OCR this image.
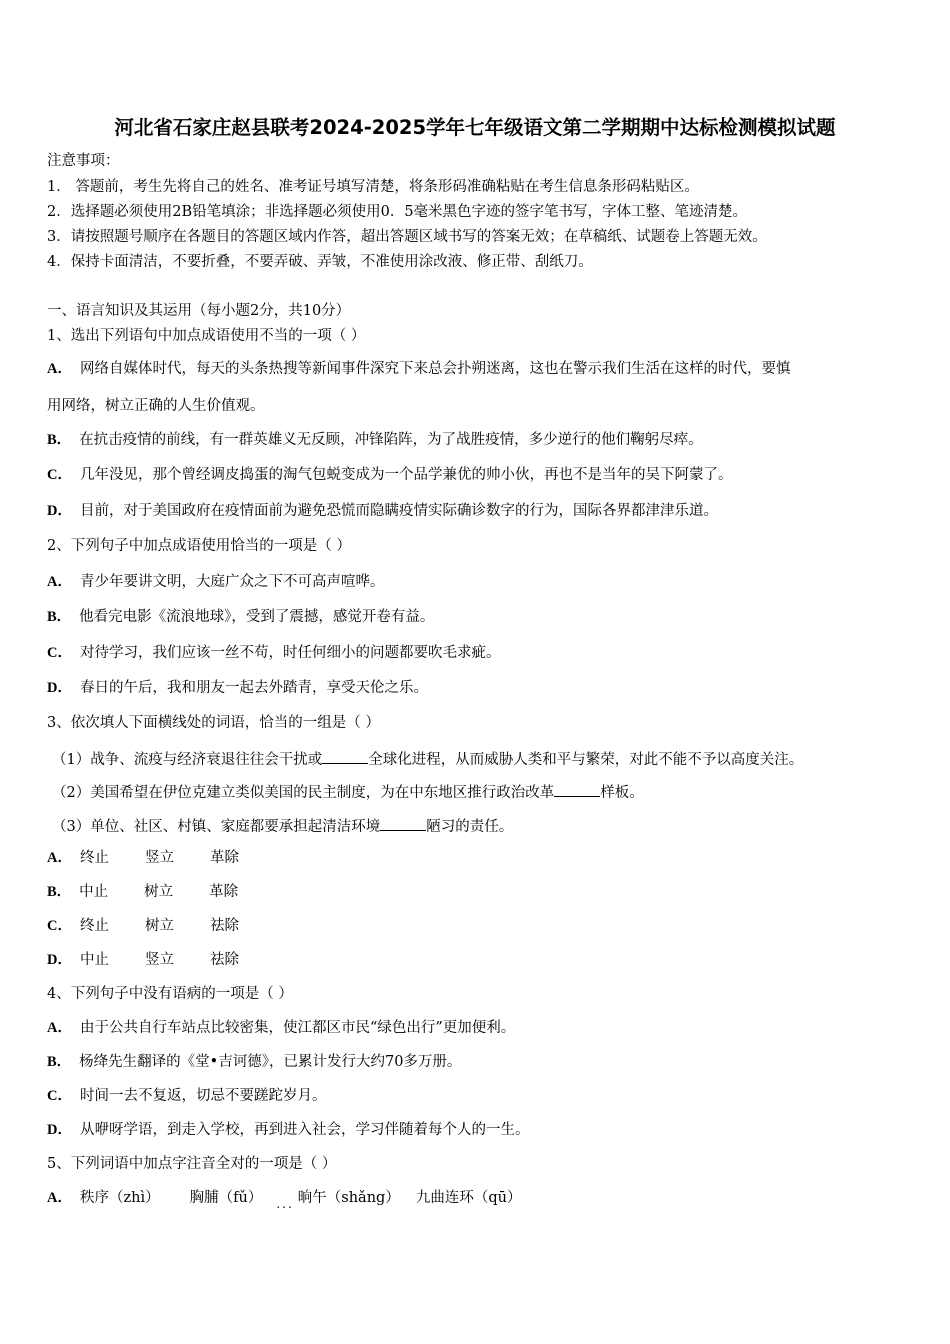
河北省石家庄赵县联考2024-2025学年七年级语文第二学期期中达标检测模拟试题
注意事项：
1． 答题前，考生先将自己的姓名、准考证号填写清楚，将条形码准确粘贴在考生信息条形码粘贴区。
2．选择题必须使用2B铅笔填涂；非选择题必须使用0．5毫米黑色字迹的签字笔书写，字体工整、笔迹清楚。
3．请按照题号顺序在各题目的答题区域内作答，超出答题区域书写的答案无效；在草稿纸、试题卷上答题无效。
4．保持卡面清洁，不要折叠，不要弄破、弄皱，不准使用涂改液、修正带、刮纸刀。
一、语言知识及其运用（每小题2分，共10分）
1、选出下列语句中加点成语使用不当的一项（ ）
A． 网络自媒体时代，每天的头条热搜等新闻事件深究下来总会扑朔迷离，这也在警示我们生活在这样的时代，要慎
用网络，树立正确的人生价值观。
B． 在抗击疫情的前线，有一群英雄义无反顾，冲锋陷阵，为了战胜疫情，多少逆行的他们鞠躬尽瘁。
C． 几年没见，那个曾经调皮捣蛋的淘气包蜕变成为一个品学兼优的帅小伙，再也不是当年的吴下阿蒙了。
D． 目前，对于美国政府在疫情面前为避免恐慌而隐瞒疫情实际确诊数字的行为，国际各界都津津乐道。
2、下列句子中加点成语使用恰当的一项是（ ）
A． 青少年要讲文明，大庭广众之下不可高声喧哗。
B． 他看完电影《流浪地球》，受到了震撼，感觉开卷有益。
C． 对待学习，我们应该一丝不苟，时任何细小的问题都要吹毛求疵。
D． 春日的午后，我和朋友一起去外踏青，享受天伦之乐。
3、依次填人下面横线处的词语，恰当的一组是（ ）
（1）战争、流疫与经济衰退往往会干扰或	全球化进程，从而威胁人类和平与繁荣，对此不能不予以高度关注。
（2）美国希望在伊位克建立类似美国的民主制度，为在中东地区推行政治改革	样板。
（3）单位、社区、村镇、家庭都要承担起清洁环境	陋习的责任。
A． 终止 竖立 革除
B． 中止 树立 革除
C． 终止 树立 祛除
D． 中止 竖立 祛除
4、下列句子中没有语病的一项是（ ）
A． 由于公共自行车站点比较密集，使江都区市民“绿色出行”更加便利。
B． 杨绛先生翻译的《堂•吉诃德》，已累计发行大约70多万册。
C． 时间一去不复返，切忌不要蹉跎岁月。
D． 从咿呀学语，到走入学校，再到进入社会，学习伴随着每个人的一生。
5、下列词语中加点字注音全对的一项是（ ）
A． 秩序（zhì） 胸脯（fǔ） ... 晌午（shǎng） 九曲连环（qū）
